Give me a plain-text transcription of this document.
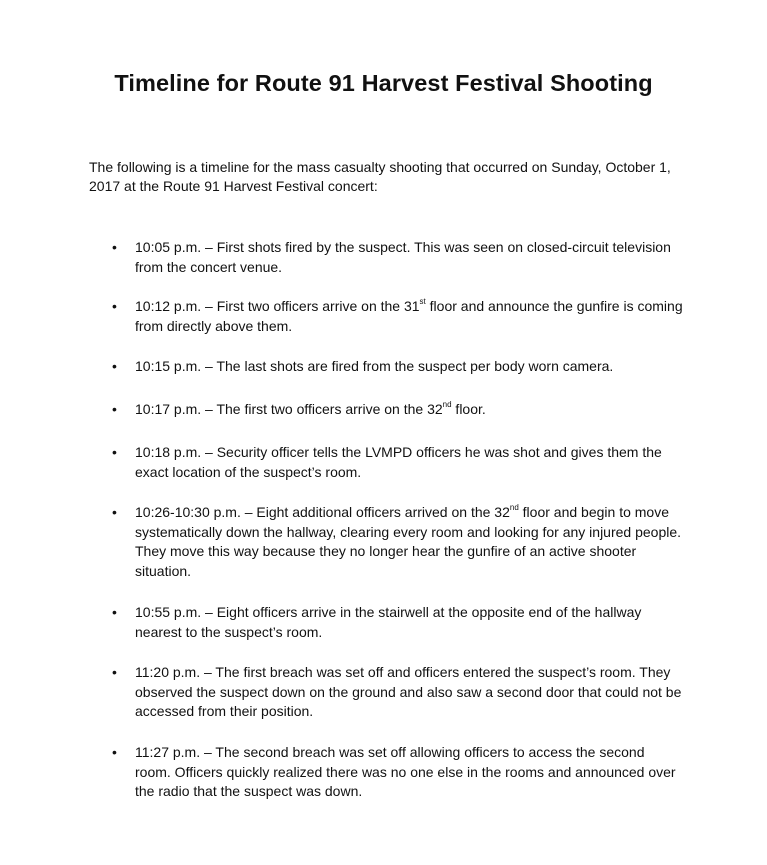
Timeline for Route 91 Harvest Festival Shooting

The following is a timeline for the mass casualty shooting that occurred on Sunday, October 1, 2017 at the Route 91 Harvest Festival concert:

•	10:05 p.m. – First shots fired by the suspect. This was seen on closed-circuit television from the concert venue.
•	10:12 p.m. – First two officers arrive on the 31st floor and announce the gunfire is coming from directly above them.
•	10:15 p.m. – The last shots are fired from the suspect per body worn camera.
•	10:17 p.m. – The first two officers arrive on the 32nd floor.
•	10:18 p.m. – Security officer tells the LVMPD officers he was shot and gives them the exact location of the suspect’s room.
•	10:26-10:30 p.m. – Eight additional officers arrived on the 32nd floor and begin to move systematically down the hallway, clearing every room and looking for any injured people. They move this way because they no longer hear the gunfire of an active shooter situation.
•	10:55 p.m. – Eight officers arrive in the stairwell at the opposite end of the hallway nearest to the suspect’s room.
•	11:20 p.m. – The first breach was set off and officers entered the suspect’s room. They observed the suspect down on the ground and also saw a second door that could not be accessed from their position.
•	11:27 p.m. – The second breach was set off allowing officers to access the second room. Officers quickly realized there was no one else in the rooms and announced over the radio that the suspect was down.
